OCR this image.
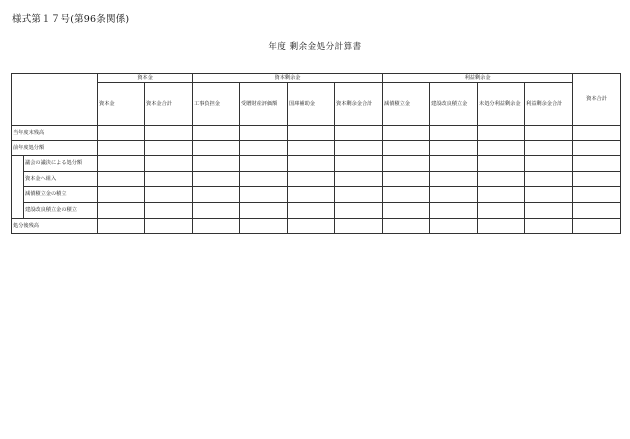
様式第１７号(第96条関係)
年度 剰余金処分計算書
		資本金		資本剰余金				利益剰余金				資本合計
		資本金	資本金合計	工事負担金	受贈財産評価額	国庫補助金	資本剰余金合計	減債積立金	建設改良積立金	未処分利益剰余金	利益剰余金合計	
当年度末残高												
前年度処分額												
	議会の議決による処分額											
	資本金へ組入											
	減債積立金の積立											
	建設改良積立金の積立											
処分後残高												
